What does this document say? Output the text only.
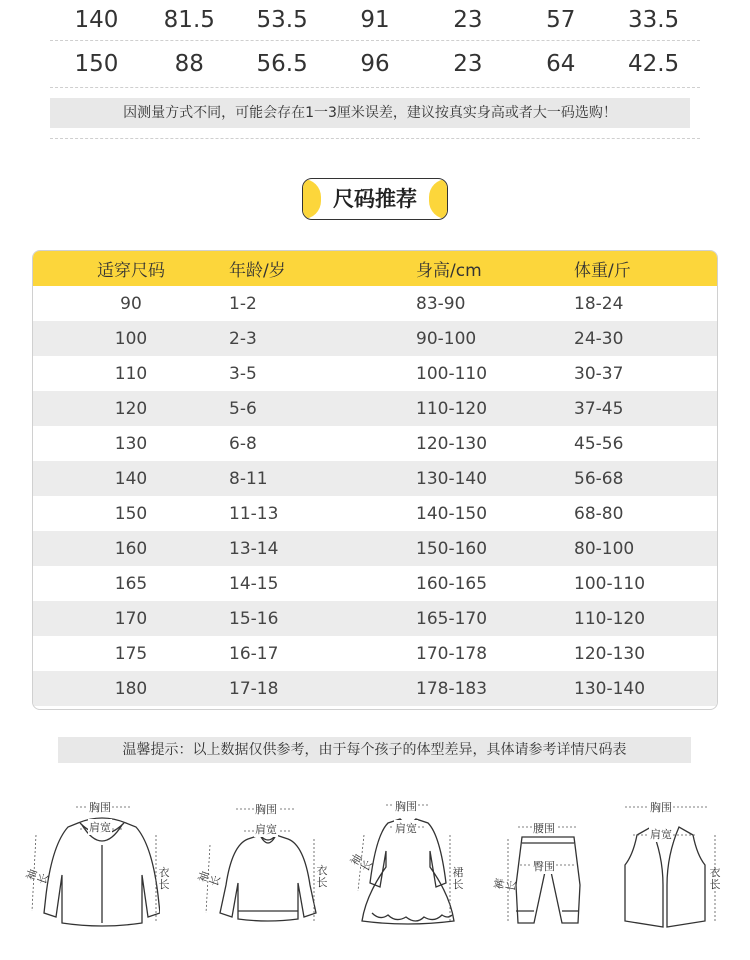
140	81.5	53.5	91	23	57	33.5
150	88	56.5	96	23	64	42.5
因测量方式不同，可能会存在1一3厘米误差，建议按真实身高或者大一码选购！
尺码推荐
适穿尺码	年龄/岁	身高/cm	体重/斤
90	1-2	83-90	18-24
100	2-3	90-100	24-30
110	3-5	100-110	30-37
120	5-6	110-120	37-45
130	6-8	120-130	45-56
140	8-11	130-140	56-68
150	11-13	140-150	68-80
160	13-14	150-160	80-100
165	14-15	160-165	100-110
170	15-16	165-170	110-120
175	16-17	170-178	120-130
180	17-18	178-183	130-140
温馨提示：以上数据仅供参考，由于每个孩子的体型差异，具体请参考详情尺码表
胸围
肩宽
袖长	衣长
胸围
肩宽
袖长
衣长
胸围
肩宽
袖长	裙长
腰围
臀围
裤长
胸围
肩宽
衣长
